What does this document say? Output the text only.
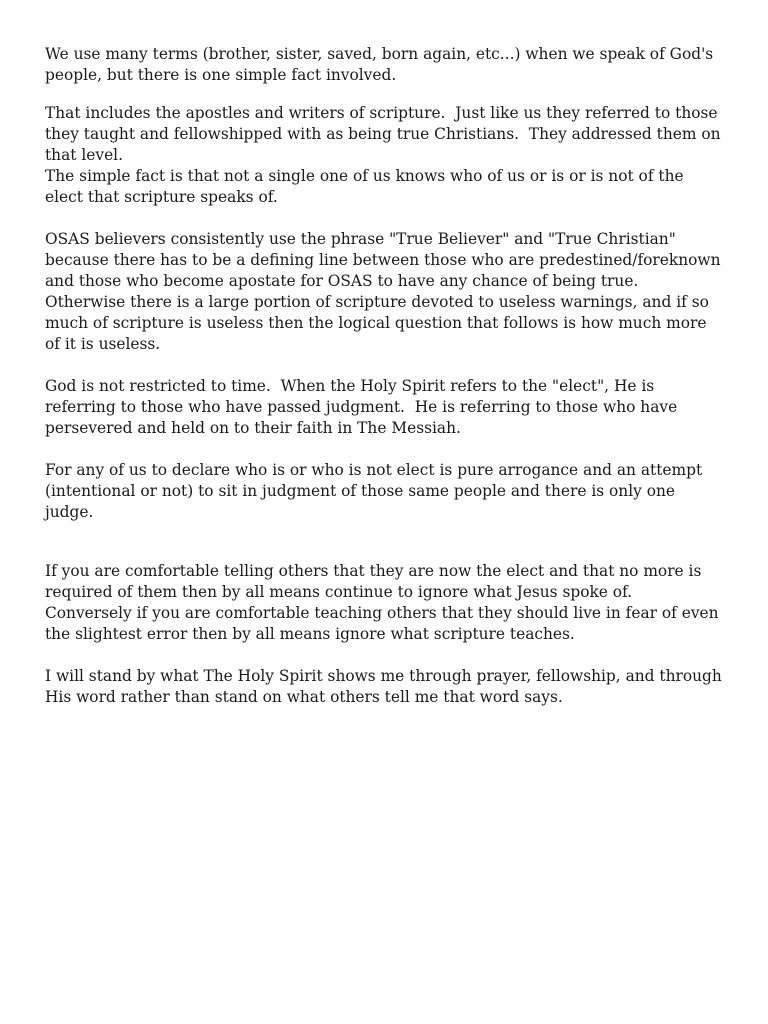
We use many terms (brother, sister, saved, born again, etc...) when we speak of God's people, but there is one simple fact involved.

That includes the apostles and writers of scripture.  Just like us they referred to those they taught and fellowshipped with as being true Christians.  They addressed them on that level.
The simple fact is that not a single one of us knows who of us or is or is not of the elect that scripture speaks of.

OSAS believers consistently use the phrase "True Believer" and "True Christian" because there has to be a defining line between those who are predestined/foreknown and those who become apostate for OSAS to have any chance of being true.  Otherwise there is a large portion of scripture devoted to useless warnings, and if so much of scripture is useless then the logical question that follows is how much more of it is useless.

God is not restricted to time.  When the Holy Spirit refers to the "elect", He is referring to those who have passed judgment.  He is referring to those who have persevered and held on to their faith in The Messiah.

For any of us to declare who is or who is not elect is pure arrogance and an attempt (intentional or not) to sit in judgment of those same people and there is only one judge.

If you are comfortable telling others that they are now the elect and that no more is required of them then by all means continue to ignore what Jesus spoke of.
Conversely if you are comfortable teaching others that they should live in fear of even the slightest error then by all means ignore what scripture teaches.

I will stand by what The Holy Spirit shows me through prayer, fellowship, and through His word rather than stand on what others tell me that word says.
